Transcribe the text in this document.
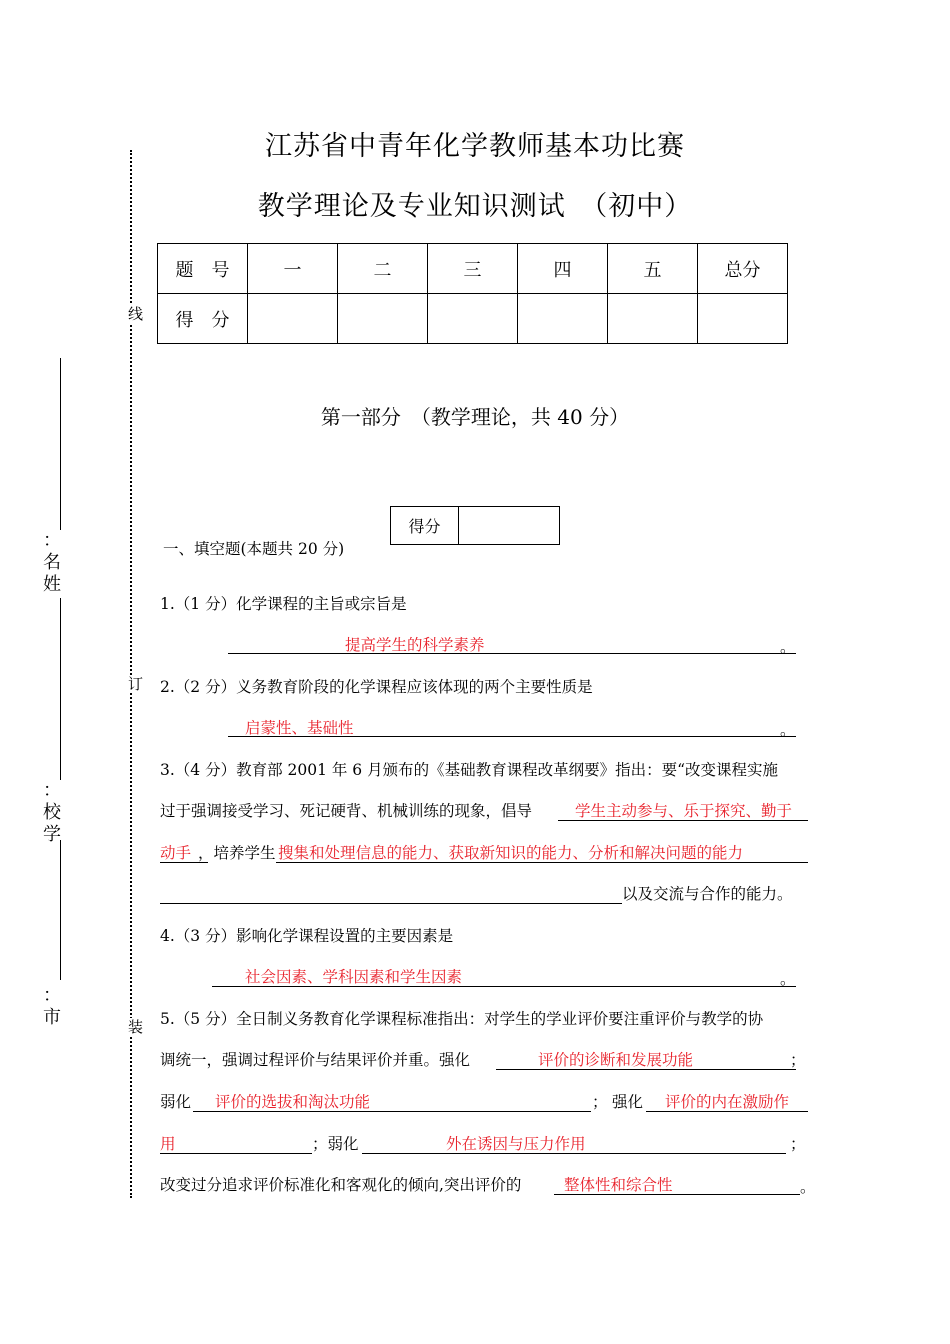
线
订
装
：名姓
：校学
：市
江苏省中青年化学教师基本功比赛
教学理论及专业知识测试　（初中）
题　号	一	二	三	四	五	总分
得　分						
第一部分　（教学理论，共 40 分）
得分	
一、填空题(本题共 20 分)
1.（1 分）化学课程的主旨或宗旨是
提高学生的科学素养	。
2.（2 分）义务教育阶段的化学课程应该体现的两个主要性质是
启蒙性、基础性	。
3.（4 分）教育部 2001 年 6 月颁布的《基础教育课程改革纲要》指出：要“改变课程实施
过于强调接受学习、死记硬背、机械训练的现象，倡导	学生主动参与、乐于探究、勤于
动手 ，培养学生 搜集和处理信息的能力、获取新知识的能力、分析和解决问题的能力
以及交流与合作的能力。
4.（3 分）影响化学课程设置的主要因素是
社会因素、学科因素和学生因素	。
5.（5 分）全日制义务教育化学课程标准指出：对学生的学业评价要注重评价与教学的协
调统一，强调过程评价与结果评价并重。强化	评价的诊断和发展功能	；
弱化 评价的选拔和淘汰功能	； 强化 评价的内在激励作
用	；弱化	外在诱因与压力作用	；
改变过分追求评价标准化和客观化的倾向,突出评价的	整体性和综合性	。
